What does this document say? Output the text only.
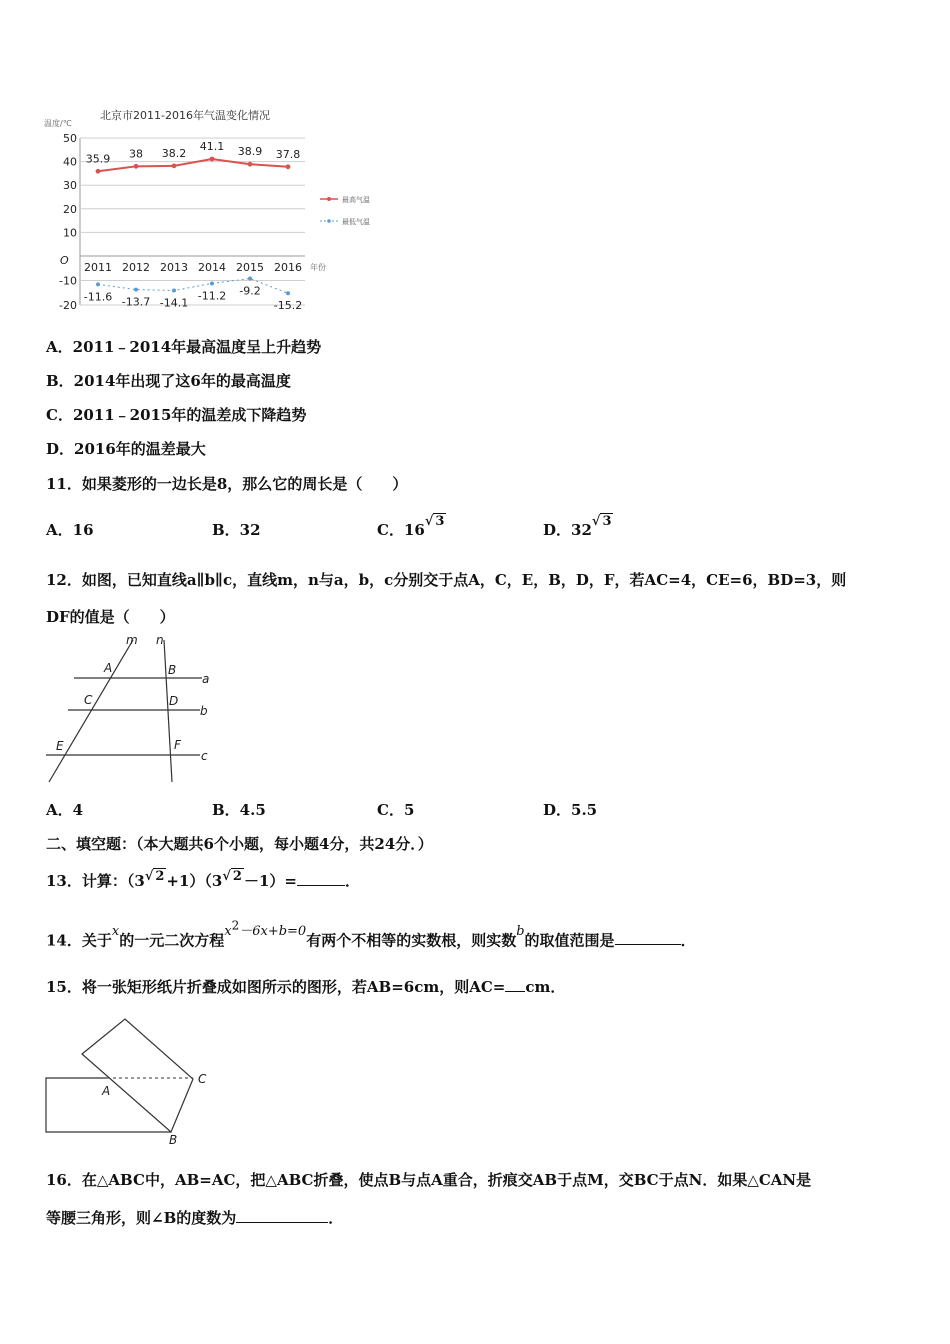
北京市2011-2016年气温变化情况
温度/℃
O
年份
50
40
30
20
10
-10
-20
2011 2012 2013 2014 2015 2016
35.9 38 38.2
41.1 38.9 37.8
-11.6 -13.7 -14.1
-11.2 -9.2
-15.2
最高气温
最低气温
A．2011﹣2014年最高温度呈上升趋势
B．2014年出现了这6年的最高温度
C．2011﹣2015年的温差成下降趋势
D．2016年的温差最大
11．如果菱形的一边长是8，那么它的周长是（　　）
A．16	B．32	C．16√ 3	D．32√ 3
12．如图，已知直线a∥b∥c，直线m，n与a，b，c分别交于点A，C，E，B，D，F，若AC=4，CE=6，BD=3，则
DF的值是（　　）
m n
A	B
a
C	D
b
E	F
c
A．4	B．4.5	C．5	D．5.5
二、填空题：（本大题共6个小题，每小题4分，共24分．）
13．计算：（3√ 2 +1）（3√ 2 －1）=	．
14．关于x的一元二次方程x2－6x+b=0有两个不相等的实数根，则实数b的取值范围是	．
15．将一张矩形纸片折叠成如图所示的图形，若AB=6cm，则AC= cm．
A
B
C
16．在△ABC中，AB=AC，把△ABC折叠，使点B与点A重合，折痕交AB于点M，交BC于点N．如果△CAN是
等腰三角形，则∠B的度数为	．
